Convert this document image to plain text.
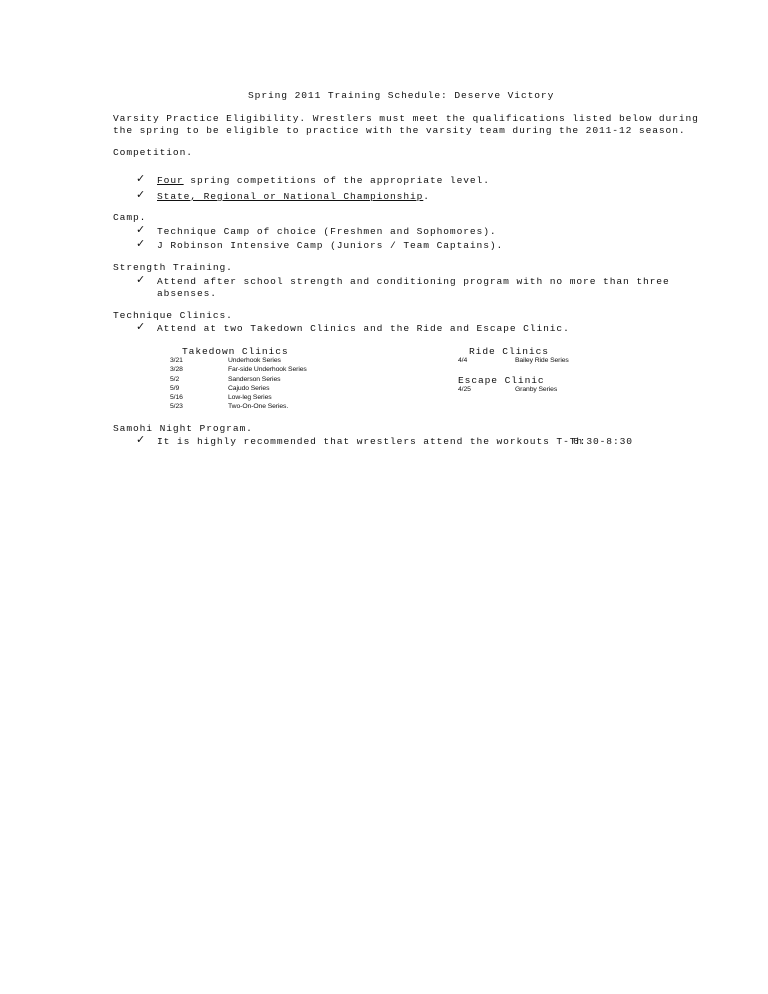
Spring 2011 Training Schedule: Deserve Victory
Varsity Practice Eligibility. Wrestlers must meet the qualifications listed below during
the spring to be eligible to practice with the varsity team during the 2011-12 season.
Competition.
✓ Four spring competitions of the appropriate level.
✓ State, Regional or National Championship.
Camp.
✓ Technique Camp of choice (Freshmen and Sophomores).
✓ J Robinson Intensive Camp (Juniors / Team Captains).
Strength Training.
✓ Attend after school strength and conditioning program with no more than three
absenses.
Technique Clinics.
✓ Attend at two Takedown Clinics and the Ride and Escape Clinic.
Takedown Clinics
3/21	Underhook Series
3/28	Far-side Underhook Series
5/2	Sanderson Series
5/9	Cajudo Series
5/16	Low-leg Series
5/23	Two-On-One Series.
Ride Clinics
4/4	Bailey Ride Series
Escape Clinic
4/25	Granby Series
Samohi Night Program.
✓ It is highly recommended that wrestlers attend the workouts T-Th
6:30-8:30
